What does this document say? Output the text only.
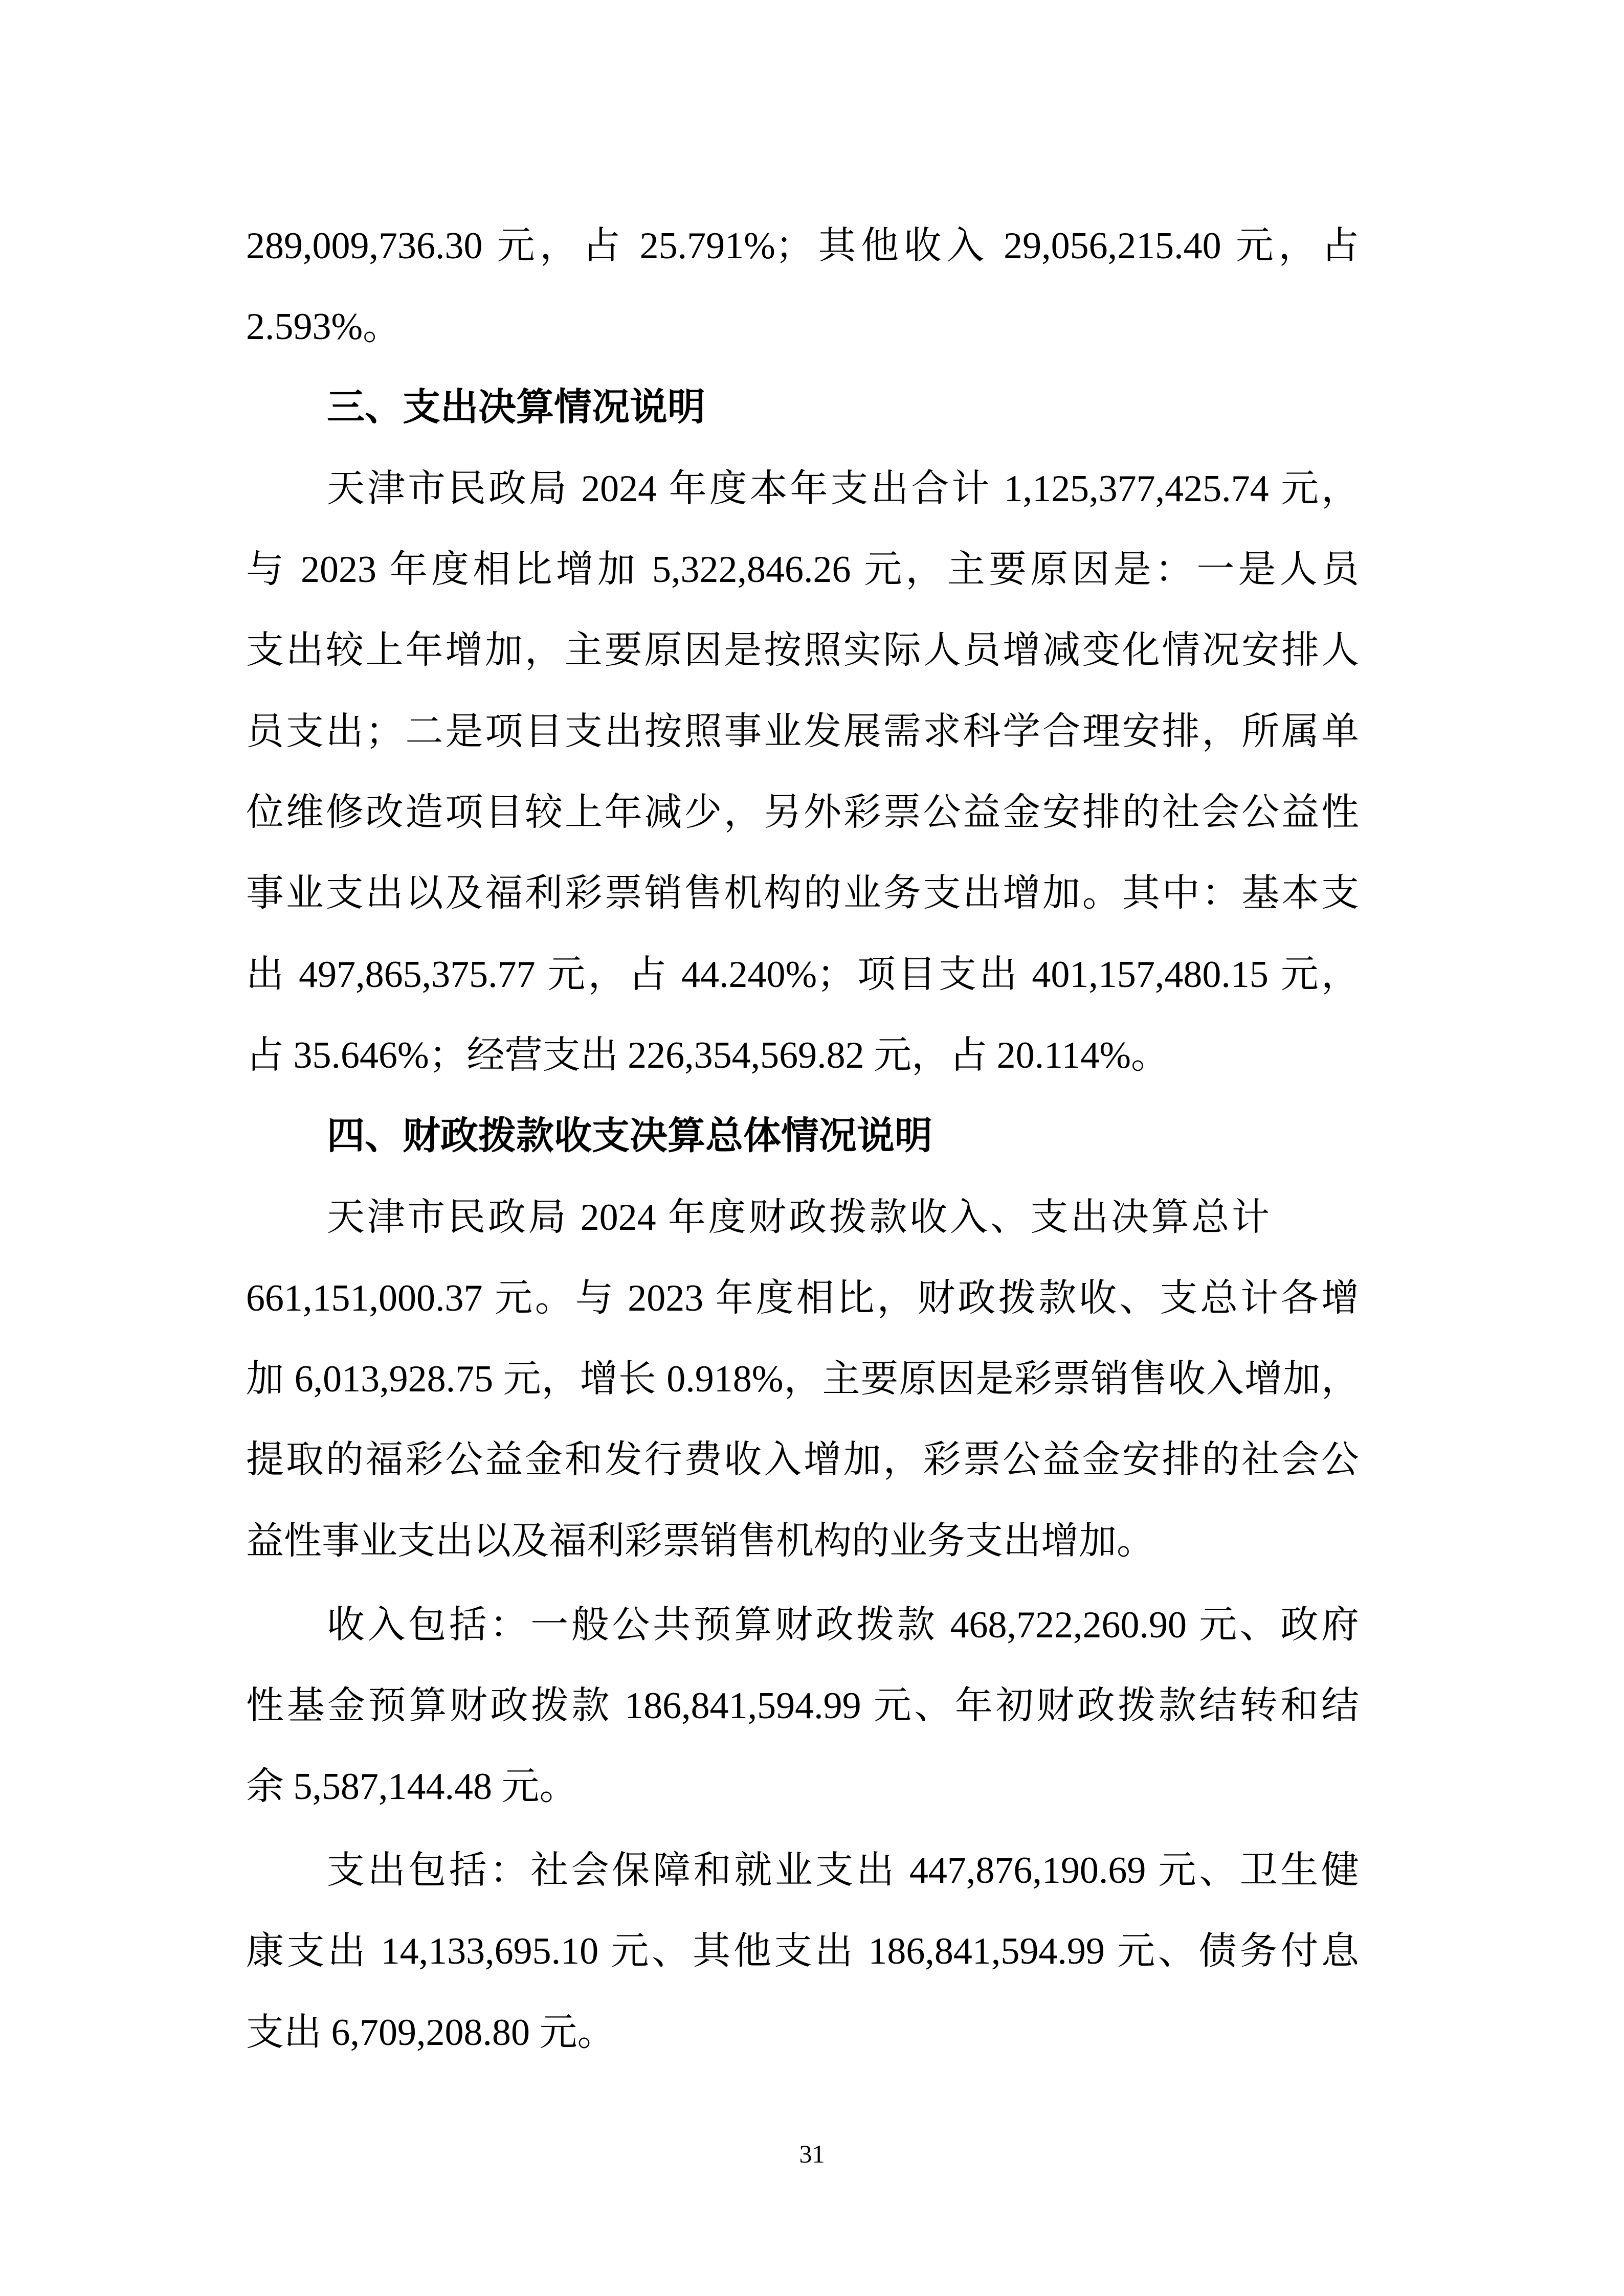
289,009,736.30 元，占 25.791%；其他收入 29,056,215.40 元，占
2.593%。
三、支出决算情况说明
天津市民政局 2024 年度本年支出合计 1,125,377,425.74 元，
与 2023 年度相比增加 5,322,846.26 元，主要原因是：一是人员
支出较上年增加，主要原因是按照实际人员增减变化情况安排人
员支出；二是项目支出按照事业发展需求科学合理安排，所属单
位维修改造项目较上年减少，另外彩票公益金安排的社会公益性
事业支出以及福利彩票销售机构的业务支出增加。其中：基本支
出 497,865,375.77 元，占 44.240%；项目支出 401,157,480.15 元，
占 35.646%；经营支出 226,354,569.82 元，占 20.114%。
四、财政拨款收支决算总体情况说明
天津市民政局 2024 年度财政拨款收入、支出决算总计
661,151,000.37 元。与 2023 年度相比，财政拨款收、支总计各增
加 6,013,928.75 元，增长 0.918%，主要原因是彩票销售收入增加，
提取的福彩公益金和发行费收入增加，彩票公益金安排的社会公
益性事业支出以及福利彩票销售机构的业务支出增加。
收入包括：一般公共预算财政拨款 468,722,260.90 元、政府
性基金预算财政拨款 186,841,594.99 元、年初财政拨款结转和结
余 5,587,144.48 元。
支出包括：社会保障和就业支出 447,876,190.69 元、卫生健
康支出 14,133,695.10 元、其他支出 186,841,594.99 元、债务付息
支出 6,709,208.80 元。
31
